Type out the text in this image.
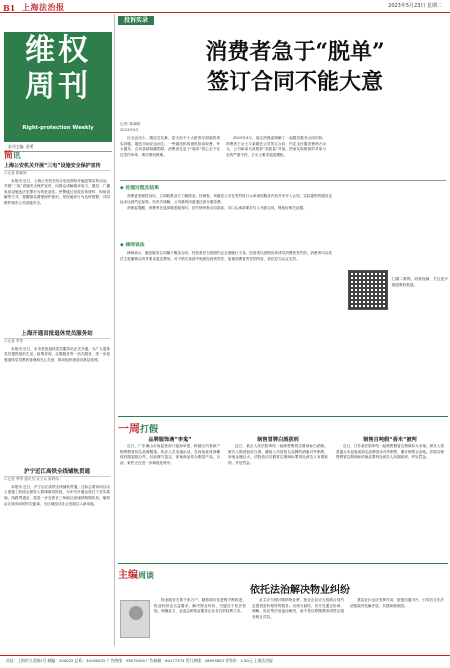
B1 上海法治报	2023年5月23日 星期二
维权
周刊
Right-protection Weekly
本刊主编: 金勇
简讯
上海公安机关开展“三电”设施安全保护宣传
口记者 陈颖婷

本报讯 近日，上海公安机关结合电信网络诈骗犯罪宣传活动，开展“三电”设施安全保护宣传，向群众讲解破坏电力、通信、广播电视设施违法犯罪行为的危害性。民警通过发放宣传资料、现场讲解等方式，提醒群众增强保护意识，发现破坏行为及时报警，共同维护城市公共设施安全。

上海开通首批退休党员服务站
口记者 季等

本报讯 近日，本市首批退休党员服务站正式开通，为广大退休党员提供组织生活、政策咨询、志愿服务等一站式服务，进一步加强退休党员教育管理和关心关爱，推动组织建设向基层延伸。

沪宁近江高铁全线铺轨贯通
口记者 季等 通讯员 宋文兵 陈利伟

本报讯 近日，沪宁沿江高铁全线铺轨贯通，这标志着该项目由土建施工阶段全面转入联调联试阶段，为年内开通运营打下坚实基础。线路贯通后，将进一步完善长三角地区高速铁路网布局，缩短沿江城市间的时空距离，为区域经济社会发展注入新动能。

投诉实录
消费者急于“脱单”
签订合同不能大意
记者: 陈颖婷
2023年5月

社交活动少、婚恋交友难，是当前不少大龄青年面临的现实问题。婚恋市场应运而生，一些婚恋机构借机抬高收费、夸大服务，合同条款暗藏陷阱，消费者在急于“脱单”的心态下往往签约草率，事后维权困难。

2023年4月，某区消保委调解了一起婚恋服务合同纠纷。消费者王女士与某婚恋公司签订合同，约定支付服务费两万余元，公司承诺为其推荐“高质量”对象。然而实际推荐的对象与宣传严重不符，王女士要求退款遭拒。

◆ 处理过程及结果

消保委受理投诉后，立即联系双方了解情况。经调查，该婚恋公司在签约时口头承诺的服务内容并未写入合同，实际提供的服务也远未达到约定标准。经多次调解，公司最终同意退还部分服务费。

消保委提醒，消费者在选择婚恋服务时，应仔细审查合同条款，对口头承诺要求写入书面合同，保留好相关证据。

◆ 律师说法

律师表示，婚恋服务合同属于服务合同，经营者应当按照约定全面履行义务。经营者以虚假宣传诱导消费者签约的，消费者可以依法主张撤销合同并要求退还费用。对于格式条款中免除经营者责任、加重消费者责任的内容，依法应当认定无效。

扫描二维码，收看视频，关注更多婚恋维权报道。
一周打假
品牌服饰遇“李鬼”

近日，广东佛山市场监管部门接到举报，称辖区内有商户销售假冒知名品牌服饰。执法人员迅速出动，在现场查获涉嫌侵权服装数百件。经品牌方鉴定，涉案商品均为假冒产品。目前，案件正在进一步调查处理中。

制售冒牌白酒获刑

近日，某区人民法院审结一起制售假冒注册商标白酒案。被告人购进低价白酒，灌装入仿冒知名品牌的酒瓶对外销售，涉案金额巨大。法院依法以假冒注册商标罪判处被告人有期徒刑，并处罚金。

制售百吨假“香米”被判

近日，江苏某法院审结一起制售假冒注册商标大米案。被告人将普通大米包装成知名品牌香米对外销售，累计销售百余吨。法院以销售假冒注册商标的商品罪判处被告人有期徒刑，并处罚金。

主编周谈
依托法治解决物业纠纷

物业服务关系千家万户，随着城市化进程不断推进，物业纠纷也日益增多。解决物业纠纷，关键在于依法依规，明确业主、业委会和物业服务企业各自的权利义务。

业主应当按时缴纳物业费，物业企业应当按照合同约定提供质价相符的服务。出现分歧时，各方应通过协商、调解、诉讼等法治途径解决，而不是以停缴费用或停止服务相互对抗。

基层社区也应发挥作用，搭建沟通平台，引导各方在法治框架内化解矛盾，共建和谐家园。

社址：上海市九龙路2号 邮编：200032 总机：34160932 广告热线：33675000 广告邮箱：64177374 发行热线：28953853 零售价：1.50元 上海法治报
